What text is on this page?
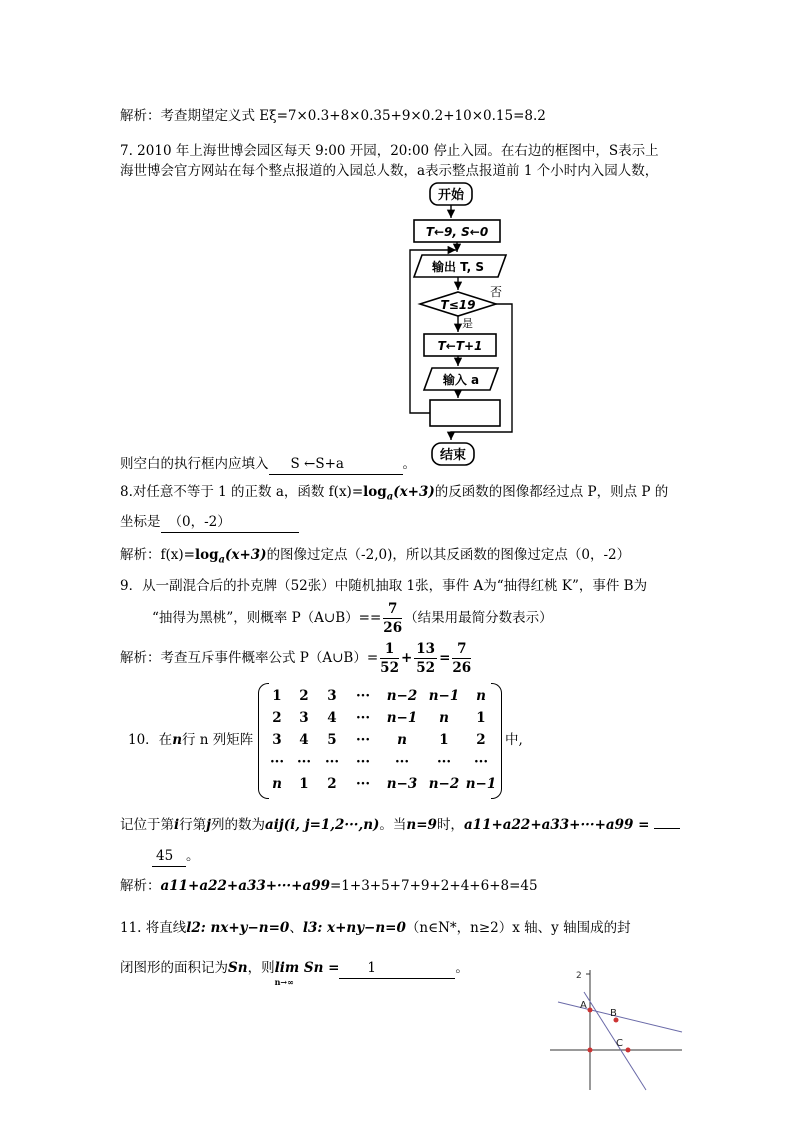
解析：考查期望定义式 Eξ=7×0.3+8×0.35+9×0.2+10×0.15=8.2
7. 2010 年上海世博会园区每天 9:00 开园，20:00 停止入园。在右边的框图中，S表示上
海世博会官方网站在每个整点报道的入园总人数，a表示整点报道前 1 个小时内入园人数，
开始
T←9, S←0
输出 T, S
T≤19
否
是
T←T+1
输入 a
结束
则空白的执行框内应填入 S ←S+a	。
8.对任意不等于 1 的正数 a，函数 $f(x)=\log_a(x+3)$的反函数的图像都经过点 P，则点 P 的
坐标是 （0，-2）
解析：$f(x)=\log_a(x+3)$的图像过定点（-2,0)，所以其反函数的图像过定点（0，-2）
9．从一副混合后的扑克牌（52张）中随机抽取 1张，事件 A为“抽得红桃 K”，事件 B为
“抽得为黑桃”，则概率 P（A∪B）== $\frac{7}{26}$ （结果用最简分数表示）
解析：考查互斥事件概率公式 P（A∪B）= $\frac{1}{52} + \frac{13}{52} = \frac{7}{26}$
10．在n行 n 列矩阵
1	2	3	···	n−2	n−1	n
2	3	4	···	n−1	n	1
3	4	5	···	n	1	2
···	···	···	···	···	···	···
n	1	2	···	n−3	n−2	n−1
中,
记位于第i行第j列的数为aij(i, j=1,2···,n)。当n=9时，a11+a22+a33+···+a99 =
45 。
解析：a11+a22+a33+···+a99=1+3+5+7+9+2+4+6+8=45
11. 将直线l2: nx+y−n=0、l3: x+ny−n=0（n∈N*，n≥2）x 轴、y 轴围成的封
闭图形的面积记为Sn，则lim Sn =
n→∞
1	。	2
A
B
C
